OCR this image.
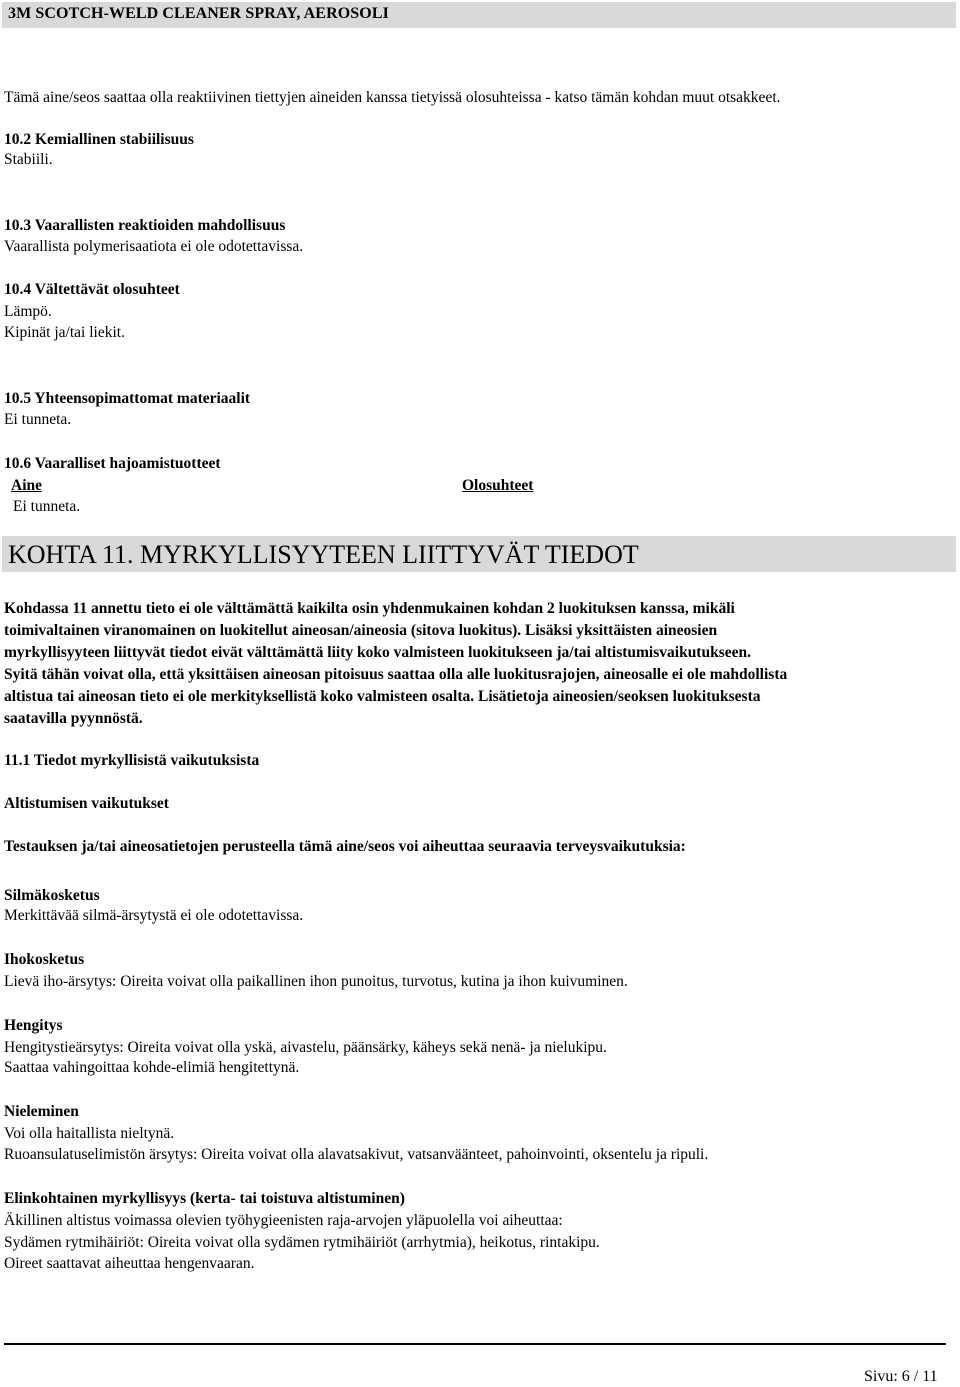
3M SCOTCH-WELD CLEANER SPRAY, AEROSOLI
Tämä aine/seos saattaa olla reaktiivinen tiettyjen aineiden kanssa tietyissä olosuhteissa - katso tämän kohdan muut otsakkeet.
10.2 Kemiallinen stabiilisuus
Stabiili.
10.3 Vaarallisten reaktioiden mahdollisuus
Vaarallista polymerisaatiota ei ole odotettavissa.
10.4 Vältettävät olosuhteet
Lämpö.
Kipinät ja/tai liekit.
10.5 Yhteensopimattomat materiaalit
Ei tunneta.
10.6 Vaaralliset hajoamistuotteet
Aine	Olosuhteet
Ei tunneta.
KOHTA 11. MYRKYLLISYYTEEN LIITTYVÄT TIEDOT
Kohdassa 11 annettu tieto ei ole välttämättä kaikilta osin yhdenmukainen kohdan 2 luokituksen kanssa, mikäli
toimivaltainen viranomainen on luokitellut aineosan/aineosia (sitova luokitus). Lisäksi yksittäisten aineosien
myrkyllisyyteen liittyvät tiedot eivät välttämättä liity koko valmisteen luokitukseen ja/tai altistumisvaikutukseen.
Syitä tähän voivat olla, että yksittäisen aineosan pitoisuus saattaa olla alle luokitusrajojen, aineosalle ei ole mahdollista
altistua tai aineosan tieto ei ole merkityksellistä koko valmisteen osalta. Lisätietoja aineosien/seoksen luokituksesta
saatavilla pyynnöstä.
11.1 Tiedot myrkyllisistä vaikutuksista
Altistumisen vaikutukset
Testauksen ja/tai aineosatietojen perusteella tämä aine/seos voi aiheuttaa seuraavia terveysvaikutuksia:
Silmäkosketus
Merkittävää silmä-ärsytystä ei ole odotettavissa.
Ihokosketus
Lievä iho-ärsytys: Oireita voivat olla paikallinen ihon punoitus, turvotus, kutina ja ihon kuivuminen.
Hengitys
Hengitystieärsytys: Oireita voivat olla yskä, aivastelu, päänsärky, käheys sekä nenä- ja nielukipu.
Saattaa vahingoittaa kohde-elimiä hengitettynä.
Nieleminen
Voi olla haitallista nieltynä.
Ruoansulatuselimistön ärsytys: Oireita voivat olla alavatsakivut, vatsanväänteet, pahoinvointi, oksentelu ja ripuli.
Elinkohtainen myrkyllisyys (kerta- tai toistuva altistuminen)
Äkillinen altistus voimassa olevien työhygieenisten raja-arvojen yläpuolella voi aiheuttaa:
Sydämen rytmihäiriöt: Oireita voivat olla sydämen rytmihäiriöt (arrhytmia), heikotus, rintakipu.
Oireet saattavat aiheuttaa hengenvaaran.
Sivu: 6 / 11
